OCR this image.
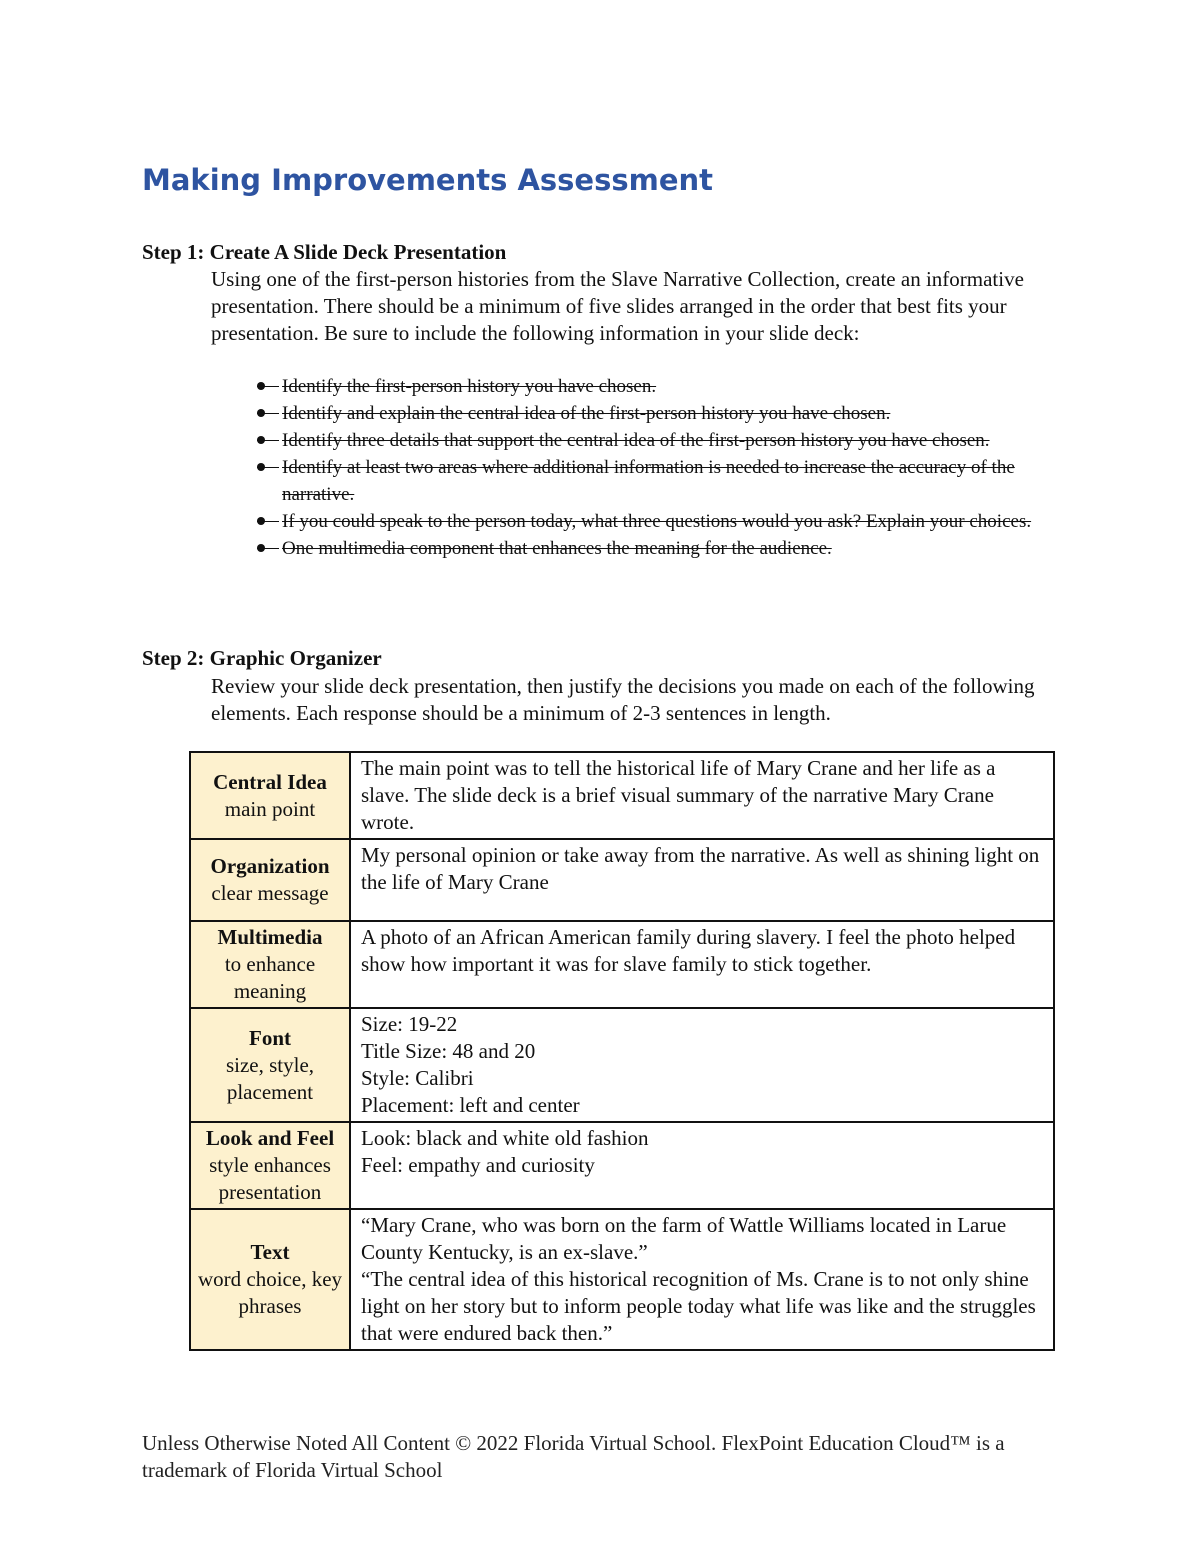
Making Improvements Assessment
Step 1: Create A Slide Deck Presentation

Using one of the first-person histories from the Slave Narrative Collection, create an informative presentation. There should be a minimum of five slides arranged in the order that best fits your presentation. Be sure to include the following information in your slide deck:

Identify the first-person history you have chosen.
Identify and explain the central idea of the first-person history you have chosen.
Identify three details that support the central idea of the first-person history you have chosen.
Identify at least two areas where additional information is needed to increase the accuracy of the narrative.
If you could speak to the person today, what three questions would you ask? Explain your choices.
One multimedia component that enhances the meaning for the audience.
Step 2: Graphic Organizer

Review your slide deck presentation, then justify the decisions you made on each of the following elements. Each response should be a minimum of 2-3 sentences in length.

Central Idea
main point	The main point was to tell the historical life of Mary Crane and her life as a slave. The slide deck is a brief visual summary of the narrative Mary Crane wrote.

Organization
clear message	My personal opinion or take away from the narrative. As well as shining light on the life of Mary Crane

Multimedia
to enhance meaning	A photo of an African American family during slavery. I feel the photo helped show how important it was for slave family to stick together.

Font
size, style, placement	Size: 19-22
Title Size: 48 and 20
Style: Calibri
Placement: left and center

Look and Feel
style enhances presentation	Look: black and white old fashion
Feel: empathy and curiosity

Text
word choice, key phrases	“Mary Crane, who was born on the farm of Wattle Williams located in Larue County Kentucky, is an ex-slave.”
“The central idea of this historical recognition of Ms. Crane is to not only shine light on her story but to inform people today what life was like and the struggles that were endured back then.”
Unless Otherwise Noted All Content © 2022 Florida Virtual School. FlexPoint Education Cloud™ is a trademark of Florida Virtual School
